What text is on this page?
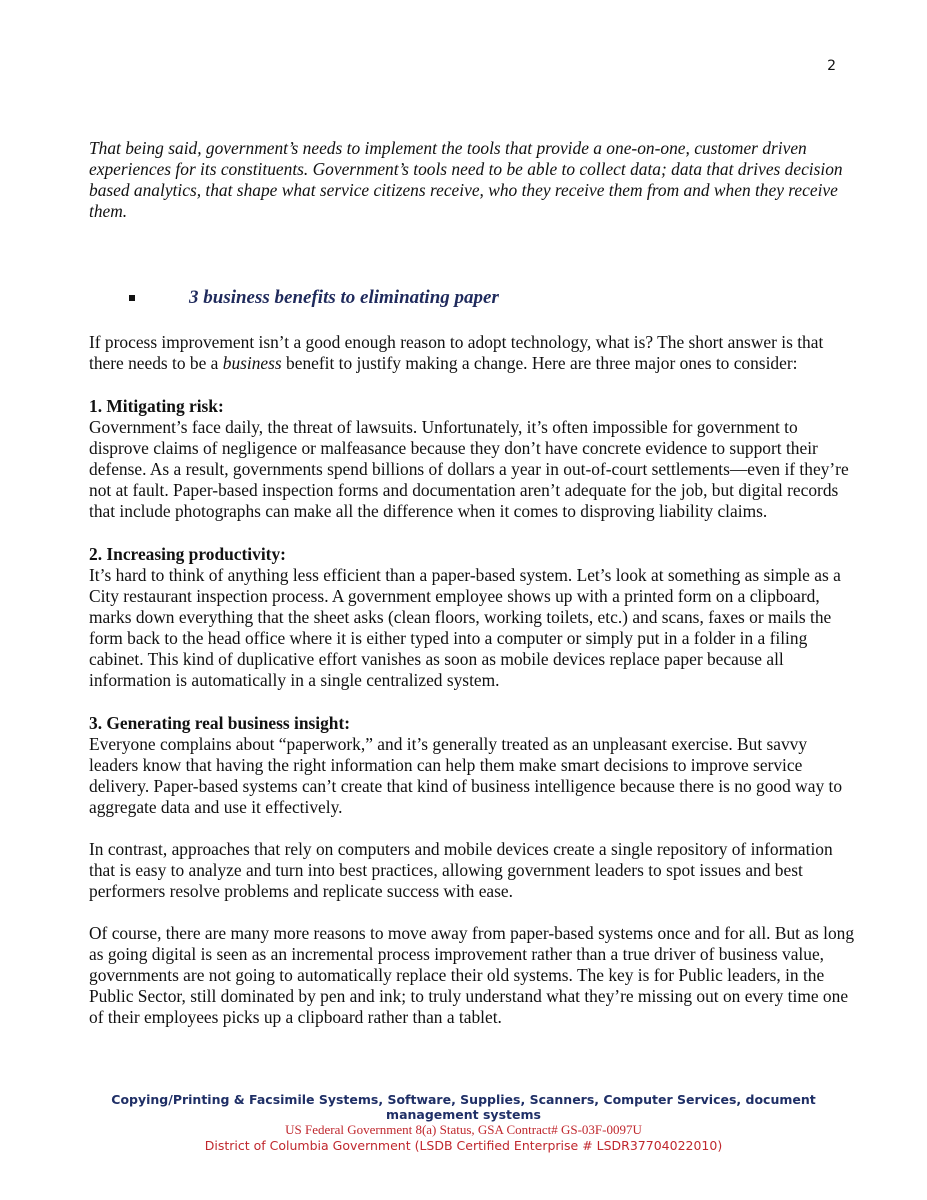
2

That being said, government’s needs to implement the tools that provide a one-on-one, customer driven experiences for its constituents. Government’s tools need to be able to collect data; data that drives decision based analytics, that shape what service citizens receive, who they receive them from and when they receive them.

3 business benefits to eliminating paper

If process improvement isn’t a good enough reason to adopt technology, what is? The short answer is that there needs to be a business benefit to justify making a change. Here are three major ones to consider:

1. Mitigating risk:

Government’s face daily, the threat of lawsuits. Unfortunately, it’s often impossible for government to disprove claims of negligence or malfeasance because they don’t have concrete evidence to support their defense. As a result, governments spend billions of dollars a year in out-of-court settlements—even if they’re not at fault. Paper-based inspection forms and documentation aren’t adequate for the job, but digital records that include photographs can make all the difference when it comes to disproving liability claims.

2. Increasing productivity:

It’s hard to think of anything less efficient than a paper-based system. Let’s look at something as simple as a City restaurant inspection process. A government employee shows up with a printed form on a clipboard, marks down everything that the sheet asks (clean floors, working toilets, etc.) and scans, faxes or mails the form back to the head office where it is either typed into a computer or simply put in a folder in a filing cabinet. This kind of duplicative effort vanishes as soon as mobile devices replace paper because all information is automatically in a single centralized system.

3. Generating real business insight:

Everyone complains about “paperwork,” and it’s generally treated as an unpleasant exercise. But savvy leaders know that having the right information can help them make smart decisions to improve service delivery. Paper-based systems can’t create that kind of business intelligence because there is no good way to aggregate data and use it effectively.

In contrast, approaches that rely on computers and mobile devices create a single repository of information that is easy to analyze and turn into best practices, allowing government leaders to spot issues and best performers resolve problems and replicate success with ease.

Of course, there are many more reasons to move away from paper-based systems once and for all. But as long as going digital is seen as an incremental process improvement rather than a true driver of business value, governments are not going to automatically replace their old systems. The key is for Public leaders, in the Public Sector, still dominated by pen and ink; to truly understand what they’re missing out on every time one of their employees picks up a clipboard rather than a tablet.

Copying/Printing & Facsimile Systems, Software, Supplies, Scanners, Computer Services, document management systems
US Federal Government 8(a) Status, GSA Contract# GS-03F-0097U
District of Columbia Government (LSDB Certified Enterprise # LSDR37704022010)
